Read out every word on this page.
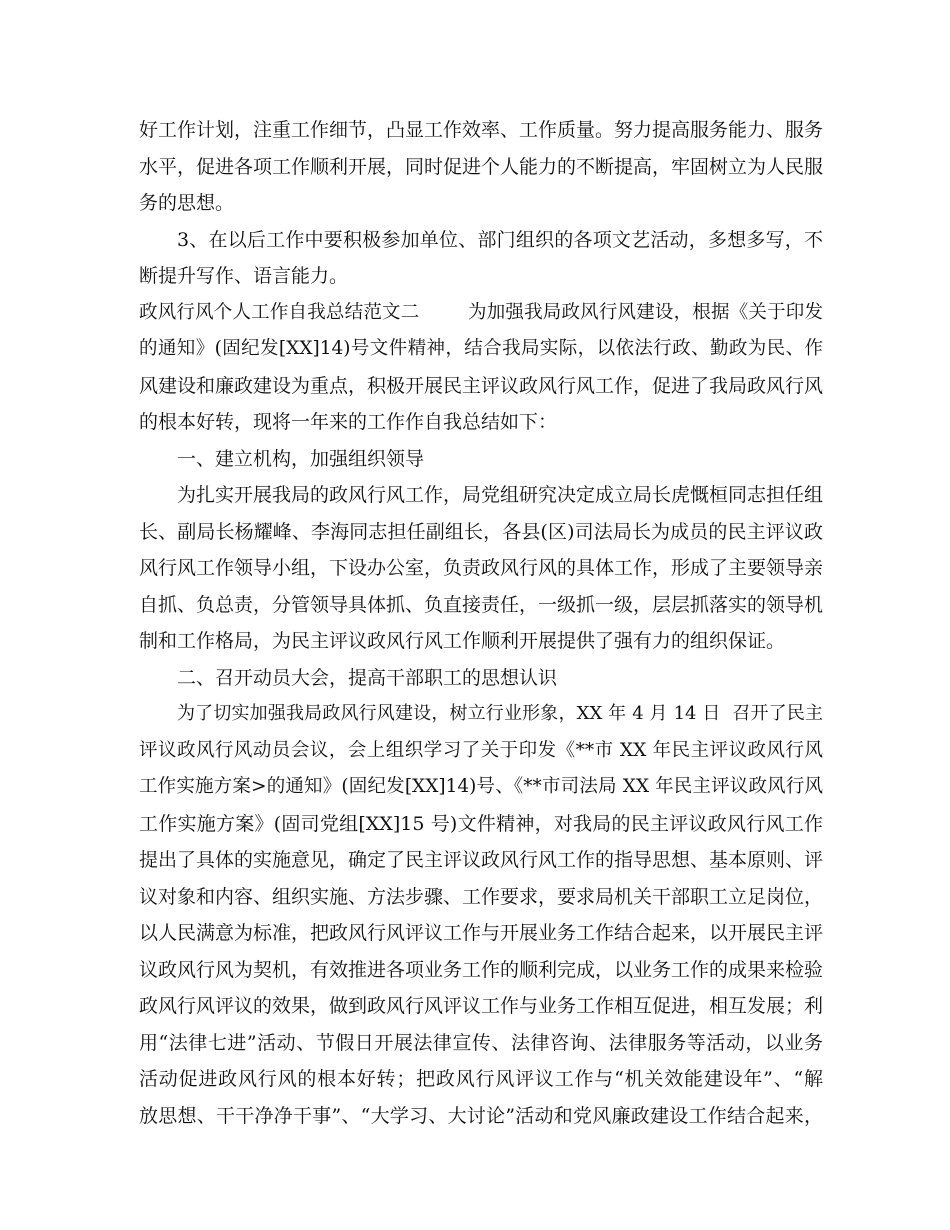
好工作计划，注重工作细节，凸显工作效率、工作质量。努力提高服务能力、服务
水平，促进各项工作顺利开展，同时促进个人能力的不断提高，牢固树立为人民服
务的思想。
3、在以后工作中要积极参加单位、部门组织的各项文艺活动，多想多写，不
断提升写作、语言能力。
政风行风个人工作自我总结范文二        为加强我局政风行风建设，根据《关于印发
的通知》(固纪发[XX]14)号文件精神，结合我局实际，以依法行政、勤政为民、作
风建设和廉政建设为重点，积极开展民主评议政风行风工作，促进了我局政风行风
的根本好转，现将一年来的工作作自我总结如下：
一、建立机构，加强组织领导
为扎实开展我局的政风行风工作，局党组研究决定成立局长虎慨桓同志担任组
长、副局长杨耀峰、李海同志担任副组长，各县(区)司法局长为成员的民主评议政
风行风工作领导小组，下设办公室，负责政风行风的具体工作，形成了主要领导亲
自抓、负总责，分管领导具体抓、负直接责任，一级抓一级，层层抓落实的领导机
制和工作格局，为民主评议政风行风工作顺利开展提供了强有力的组织保证。
二、召开动员大会，提高干部职工的思想认识
为了切实加强我局政风行风建设，树立行业形象，XX 年 4 月 14 日  召开了民主
评议政风行风动员会议，会上组织学习了关于印发《**市 XX 年民主评议政风行风
工作实施方案>的通知》(固纪发[XX]14)号、《**市司法局 XX 年民主评议政风行风
工作实施方案》(固司党组[XX]15 号)文件精神，对我局的民主评议政风行风工作
提出了具体的实施意见，确定了民主评议政风行风工作的指导思想、基本原则、评
议对象和内容、组织实施、方法步骤、工作要求，要求局机关干部职工立足岗位，
以人民满意为标准，把政风行风评议工作与开展业务工作结合起来，以开展民主评
议政风行风为契机，有效推进各项业务工作的顺利完成，以业务工作的成果来检验
政风行风评议的效果，做到政风行风评议工作与业务工作相互促进，相互发展；利
用“法律七进”活动、节假日开展法律宣传、法律咨询、法律服务等活动，以业务
活动促进政风行风的根本好转；把政风行风评议工作与“机关效能建设年”、“解
放思想、干干净净干事”、“大学习、大讨论”活动和党风廉政建设工作结合起来，
